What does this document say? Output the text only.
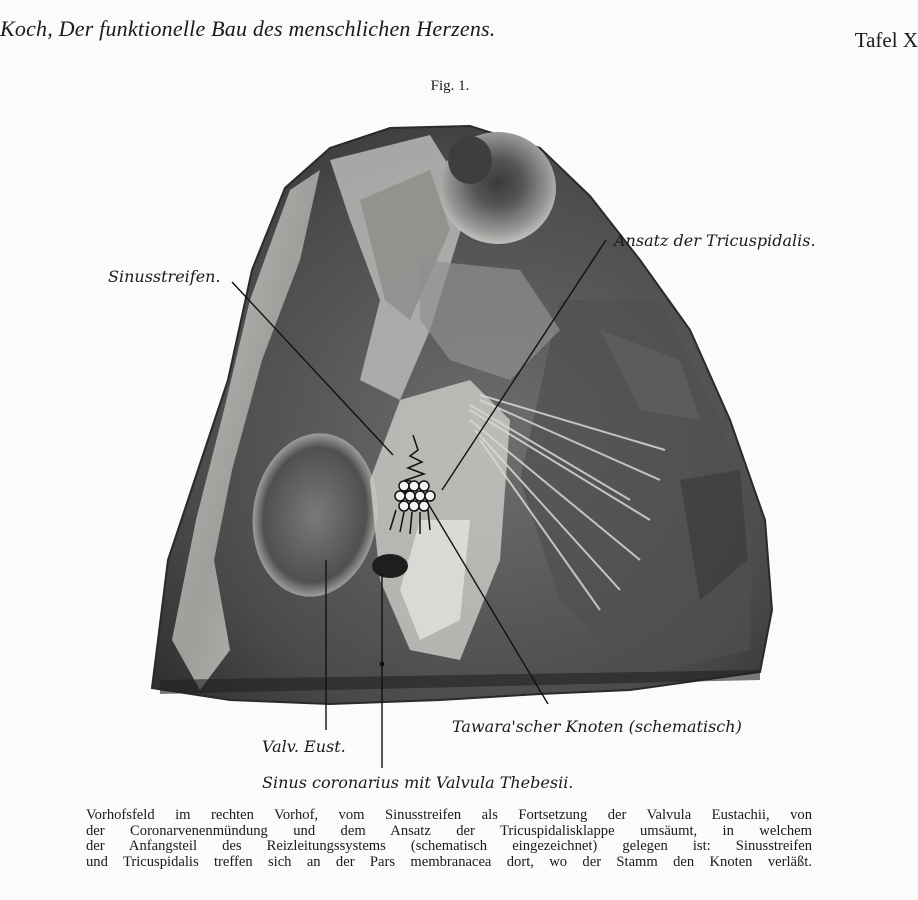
Koch, Der funktionelle Bau des menschlichen Herzens.	Tafel X
Fig. 1.
Sinusstreifen.
Ansatz der Tricuspidalis.
Tawara'scher Knoten (schematisch)
Valv. Eust.
Sinus coronarius mit Valvula Thebesii.
Vorhofsfeld im rechten Vorhof, vom Sinusstreifen als Fortsetzung der Valvula Eustachii, von
der Coronarvenenmündung und dem Ansatz der Tricuspidalisklappe umsäumt, in welchem
der Anfangsteil des Reizleitungssystems (schematisch eingezeichnet) gelegen ist: Sinusstreifen
und Tricuspidalis treffen sich an der Pars membranacea dort, wo der Stamm den Knoten verläßt.
